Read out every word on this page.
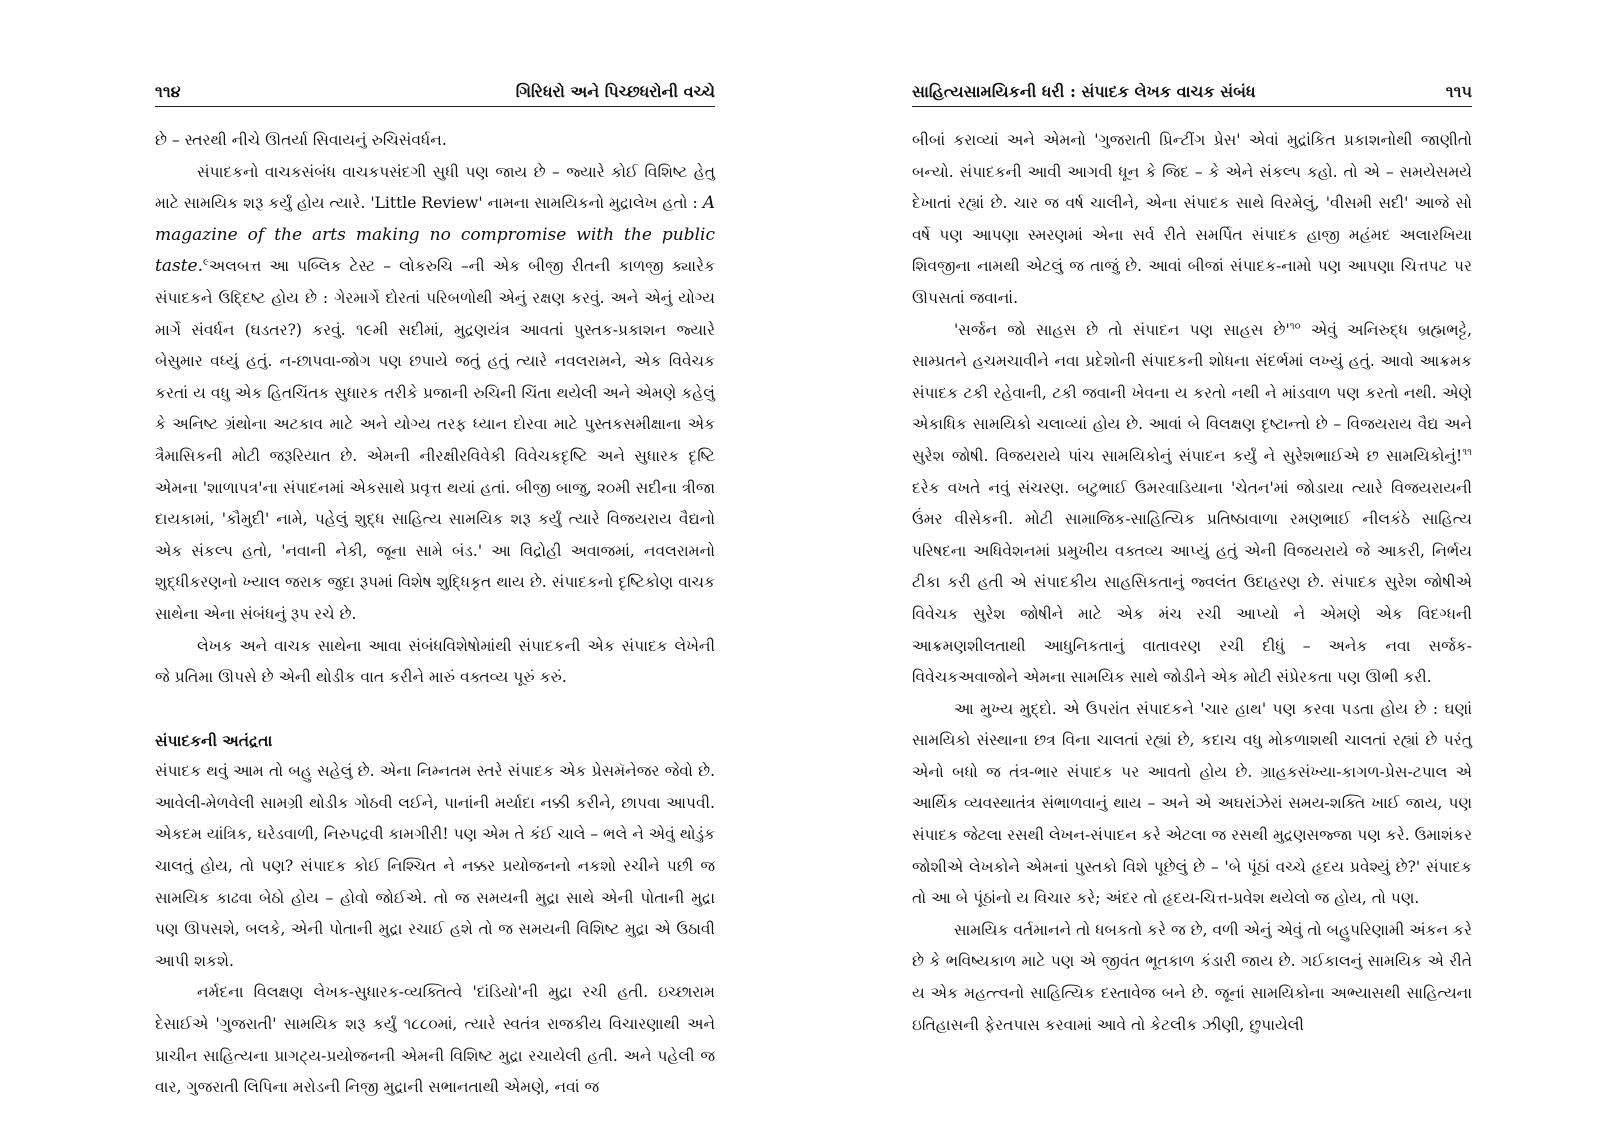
૧૧૪	ગિરિધરો અને પિચ્છધરોની વચ્ચે

છે – સ્તરથી નીચે ઊતર્યા સિવાયનું રુચિસંવર્ધન.

સંપાદકનો વાચકસંબંધ વાચકપસંદગી સુધી પણ જાય છે – જ્યારે કોઈ વિશિષ્ટ હેતુ માટે સામયિક શરૂ કર્યું હોય ત્યારે. 'Little Review' નામના સામયિકનો મુદ્રાલેખ હતો : A magazine of the arts making no compromise with the public taste.$^૯$અલબત્ત આ પબ્લિક ટેસ્ટ – લોકરુચિ –ની એક બીજી રીતની કાળજી ક્યારેક સંપાદકને ઉદ્દિષ્ટ હોય છે : ગેરમાર્ગે દોરતાં પરિબળોથી એનું રક્ષણ કરવું. અને એનું યોગ્ય માર્ગે સંવર્ધન (ઘડતર?) કરવું. ૧૯મી સદીમાં, મુદ્રણયંત્ર આવતાં પુસ્તક-પ્રકાશન જ્યારે બેસુમાર વધ્યું હતું. ન-છાપવા-જોગ પણ છપાયે જતું હતું ત્યારે નવલરામને, એક વિવેચક કરતાં ય વધુ એક હિતચિંતક સુધારક તરીકે પ્રજાની રુચિની ચિંતા થયેલી અને એમણે કહેલું કે અનિષ્ટ ગ્રંથોના અટકાવ માટે અને યોગ્ય તરફ ધ્યાન દોરવા માટે પુસ્તકસમીક્ષાના એક ત્રૈમાસિકની મોટી જરૂરિયાત છે. એમની નીરક્ષીરવિવેકી વિવેચકદૃષ્ટિ અને સુધારક દૃષ્ટિ એમના 'શાળાપત્ર'ના સંપાદનમાં એકસાથે પ્રવૃત્ત થયાં હતાં. બીજી બાજુ, ૨૦મી સદીના ત્રીજા દાયકામાં, 'કૌમુદી' નામે, પહેલું શુદ્ધ સાહિત્ય સામયિક શરૂ કર્યું ત્યારે વિજયરાય વૈદ્યનો એક સંકલ્પ હતો, 'નવાની નેકી, જૂના સામે બંડ.' આ વિદ્રોહી અવાજમાં, નવલરામનો શુદ્ધીકરણનો ખ્યાલ જરાક જુદા રૂપમાં વિશેષ શુદ્ધિકૃત થાય છે. સંપાદકનો દૃષ્ટિકોણ વાચક સાથેના એના સંબંધનું રૂપ રચે છે.

લેખક અને વાચક સાથેના આવા સંબંધવિશેષોમાંથી સંપાદકની એક સંપાદક લેખેની જે પ્રતિમા ઊપસે છે એની થોડીક વાત કરીને મારું વક્તવ્ય પૂરું કરું.

સંપાદકની અતંદ્રતા

સંપાદક થવું આમ તો બહુ સહેલું છે. એના નિમ્નતમ સ્તરે સંપાદક એક પ્રેસમૅનેજર જેવો છે. આવેલી-મેળવેલી સામગ્રી થોડીક ગોઠવી લઈને, પાનાંની મર્યાદા નક્કી કરીને, છાપવા આપવી. એકદમ યાંત્રિક, ઘરેડવાળી, નિરુપદ્રવી કામગીરી! પણ એમ તે કંઈ ચાલે – ભલે ને એવું થોડુંક ચાલતું હોય, તો પણ? સંપાદક કોઈ નિશ્ચિત ને નક્કર પ્રયોજનનો નકશો રચીને પછી જ સામયિક કાઢવા બેઠો હોય – હોવો જોઈએ. તો જ સમયની મુદ્રા સાથે એની પોતાની મુદ્રા પણ ઊપસશે, બલકે, એની પોતાની મુદ્રા રચાઈ હશે તો જ સમયની વિશિષ્ટ મુદ્રા એ ઉઠાવી આપી શકશે.

નર્મદના વિલક્ષણ લેખક-સુધારક-વ્યક્તિત્વે 'દાંડિયો'ની મુદ્રા રચી હતી. ઇચ્છારામ દેસાઈએ 'ગુજરાતી' સામયિક શરૂ કર્યું ૧૮૮૦માં, ત્યારે સ્વતંત્ર રાજકીય વિચારણાથી અને પ્રાચીન સાહિત્યના પ્રાગટ્ય-પ્રયોજનની એમની વિશિષ્ટ મુદ્રા રચાયેલી હતી. અને પહેલી જ વાર, ગુજરાતી લિપિના મરોડની નિજી મુદ્રાની સભાનતાથી એમણે, નવાં જ

સાહિત્યસામયિકની ધરી : સંપાદક લેખક વાચક સંબંધ	૧૧૫

બીબાં કરાવ્યાં અને એમનો 'ગુજરાતી પ્રિન્ટીંગ પ્રેસ' એવાં મુદ્રાંકિત પ્રકાશનોથી જાણીતો બન્યો. સંપાદકની આવી આગવી ધૂન કે જિદ – કે એને સંકલ્પ કહો. તો એ – સમયેસમયે દેખાતાં રહ્યાં છે. ચાર જ વર્ષ ચાલીને, એના સંપાદક સાથે વિરમેલું, 'વીસમી સદી' આજે સો વર્ષે પણ આપણા સ્મરણમાં એના સર્વ રીતે સમર્પિત સંપાદક હાજી મહંમદ અલારખિયા શિવજીના નામથી એટલું જ તાજું છે. આવાં બીજાં સંપાદક-નામો પણ આપણા ચિત્તપટ પર ઊપસતાં જવાનાં.

'સર્જન જો સાહસ છે તો સંપાદન પણ સાહસ $છે'^{૧૦}$ એવું અનિરુદ્ધ બ્રહ્મભટ્ટે, સામ્પ્રતને હચમચાવીને નવા પ્રદેશોની સંપાદકની શોધના સંદર્ભમાં લખ્યું હતું. આવો આક્રમક સંપાદક ટકી રહેવાની, ટકી જવાની ખેવના ય કરતો નથી ને માંડવાળ પણ કરતો નથી. એણે એકાધિક સામયિકો ચલાવ્યાં હોય છે. આવાં બે વિલક્ષણ દૃષ્ટાન્તો છે – વિજયરાય વૈદ્ય અને સુરેશ જોષી. વિજયરાયે પાંચ સામયિકોનું સંપાદન કર્યું ને સુરેશભાઈએ છ સામયિકોનું!$^{૧૧}$ દરેક વખતે નવું સંચરણ. બટુભાઈ ઉમરવાડિયાના 'ચેતન'માં જોડાયા ત્યારે વિજયરાયની ઉંમર વીસેકની. મોટી સામાજિક-સાહિત્યિક પ્રતિષ્ઠાવાળા રમણભાઈ નીલકંઠે સાહિત્ય પરિષદના અધિવેશનમાં પ્રમુખીય વક્તવ્ય આપ્યું હતું એની વિજયરાયે જે આકરી, નિર્ભય ટીકા કરી હતી એ સંપાદકીય સાહસિકતાનું જ્વલંત ઉદાહરણ છે. સંપાદક સુરેશ જોષીએ વિવેચક સુરેશ જોષીને માટે એક મંચ રચી આપ્યો ને એમણે એક વિદગ્ધની આક્રમણશીલતાથી આધુનિકતાનું વાતાવરણ રચી દીધું – અનેક નવા સર્જક-વિવેચકઅવાજોને એમના સામયિક સાથે જોડીને એક મોટી સંપ્રેરકતા પણ ઊભી કરી.

આ મુખ્ય મુદ્દો. એ ઉપરાંત સંપાદકને 'ચાર હાથ' પણ કરવા પડતા હોય છે : ઘણાં સામયિકો સંસ્થાના છત્ર વિના ચાલતાં રહ્યાં છે, કદાચ વધુ મોકળાશથી ચાલતાં રહ્યાં છે પરંતુ એનો બધો જ તંત્ર-ભાર સંપાદક પર આવતો હોય છે. ગ્રાહકસંખ્યા-કાગળ-પ્રેસ-ટપાલ એ આર્થિક વ્યવસ્થાતંત્ર સંભાળવાનું થાય – અને એ અઘરાંઝેરાં સમય-શક્તિ ખાઈ જાય, પણ સંપાદક જેટલા રસથી લેખન-સંપાદન કરે એટલા જ રસથી મુદ્રણસજ્જા પણ કરે. ઉમાશંકર જોશીએ લેખકોને એમનાં પુસ્તકો વિશે પૂછેલું છે – 'બે પૂંઠાં વચ્ચે હૃદય પ્રવેશ્યું છે?' સંપાદક તો આ બે પૂંઠાંનો ય વિચાર કરે; અંદર તો હૃદય-ચિત્ત-પ્રવેશ થયેલો જ હોય, તો પણ.

સામયિક વર્તમાનને તો ધબકતો કરે જ છે, વળી એનું એવું તો બહુપરિણામી અંકન કરે છે કે ભવિષ્યકાળ માટે પણ એ જીવંત ભૂતકાળ કંડારી જાય છે. ગઈકાલનું સામયિક એ રીતે ય એક મહત્ત્વનો સાહિત્યિક દસ્તાવેજ બને છે. જૂનાં સામયિકોના અભ્યાસથી સાહિત્યના ઇતિહાસની ફેરતપાસ કરવામાં આવે તો કેટલીક ઝીણી, છુપાયેલી
